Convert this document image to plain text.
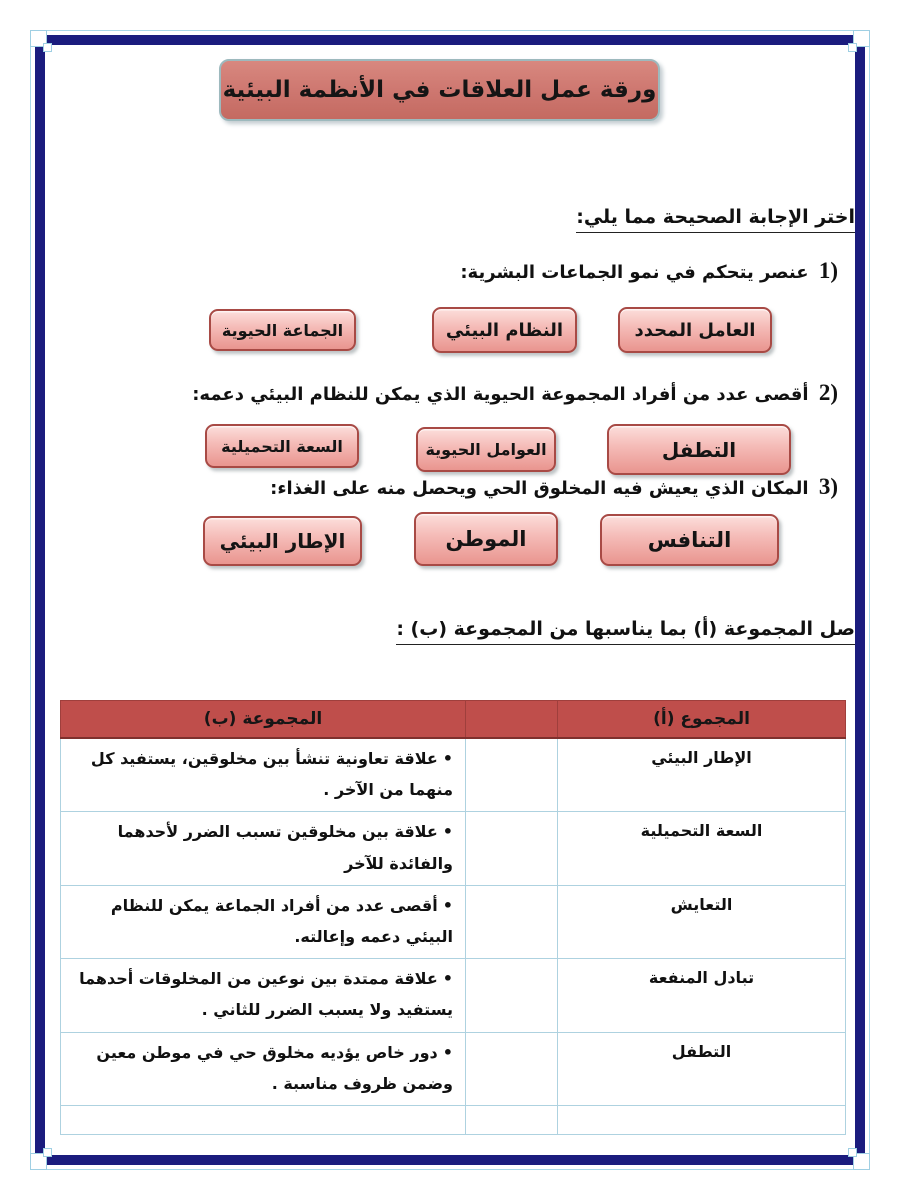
ورقة عمل العلاقات في الأنظمة البيئية
اختر الإجابة الصحيحة مما يلي:
1) عنصر يتحكم في نمو الجماعات البشرية:
العامل المحدد
النظام البيئي
الجماعة الحيوية
2) أقصى عدد من أفراد المجموعة الحيوية الذي يمكن للنظام البيئي دعمه:
التطفل
العوامل الحيوية
السعة التحميلية
3) المكان الذي يعيش فيه المخلوق الحي ويحصل منه على الغذاء:
التنافس
الموطن
الإطار البيئي
صل المجموعة (أ) بما يناسبها من المجموعة (ب) :
المجموع (أ)		المجموعة (ب)
الإطار البيئي		•علاقة تعاونية تنشأ بين مخلوقين، يستفيد كل منهما من الآخر .
السعة التحميلية		•علاقة بين مخلوقين تسبب الضرر لأحدهما والفائدة للآخر
التعايش		•أقصى عدد من أفراد الجماعة يمكن للنظام البيئي دعمه وإعالته.
تبادل المنفعة		•علاقة ممتدة بين نوعين من المخلوقات أحدهما يستفيد ولا يسبب الضرر للثاني .
التطفل		•دور خاص يؤديه مخلوق حي في موطن معين وضمن ظروف مناسبة .
